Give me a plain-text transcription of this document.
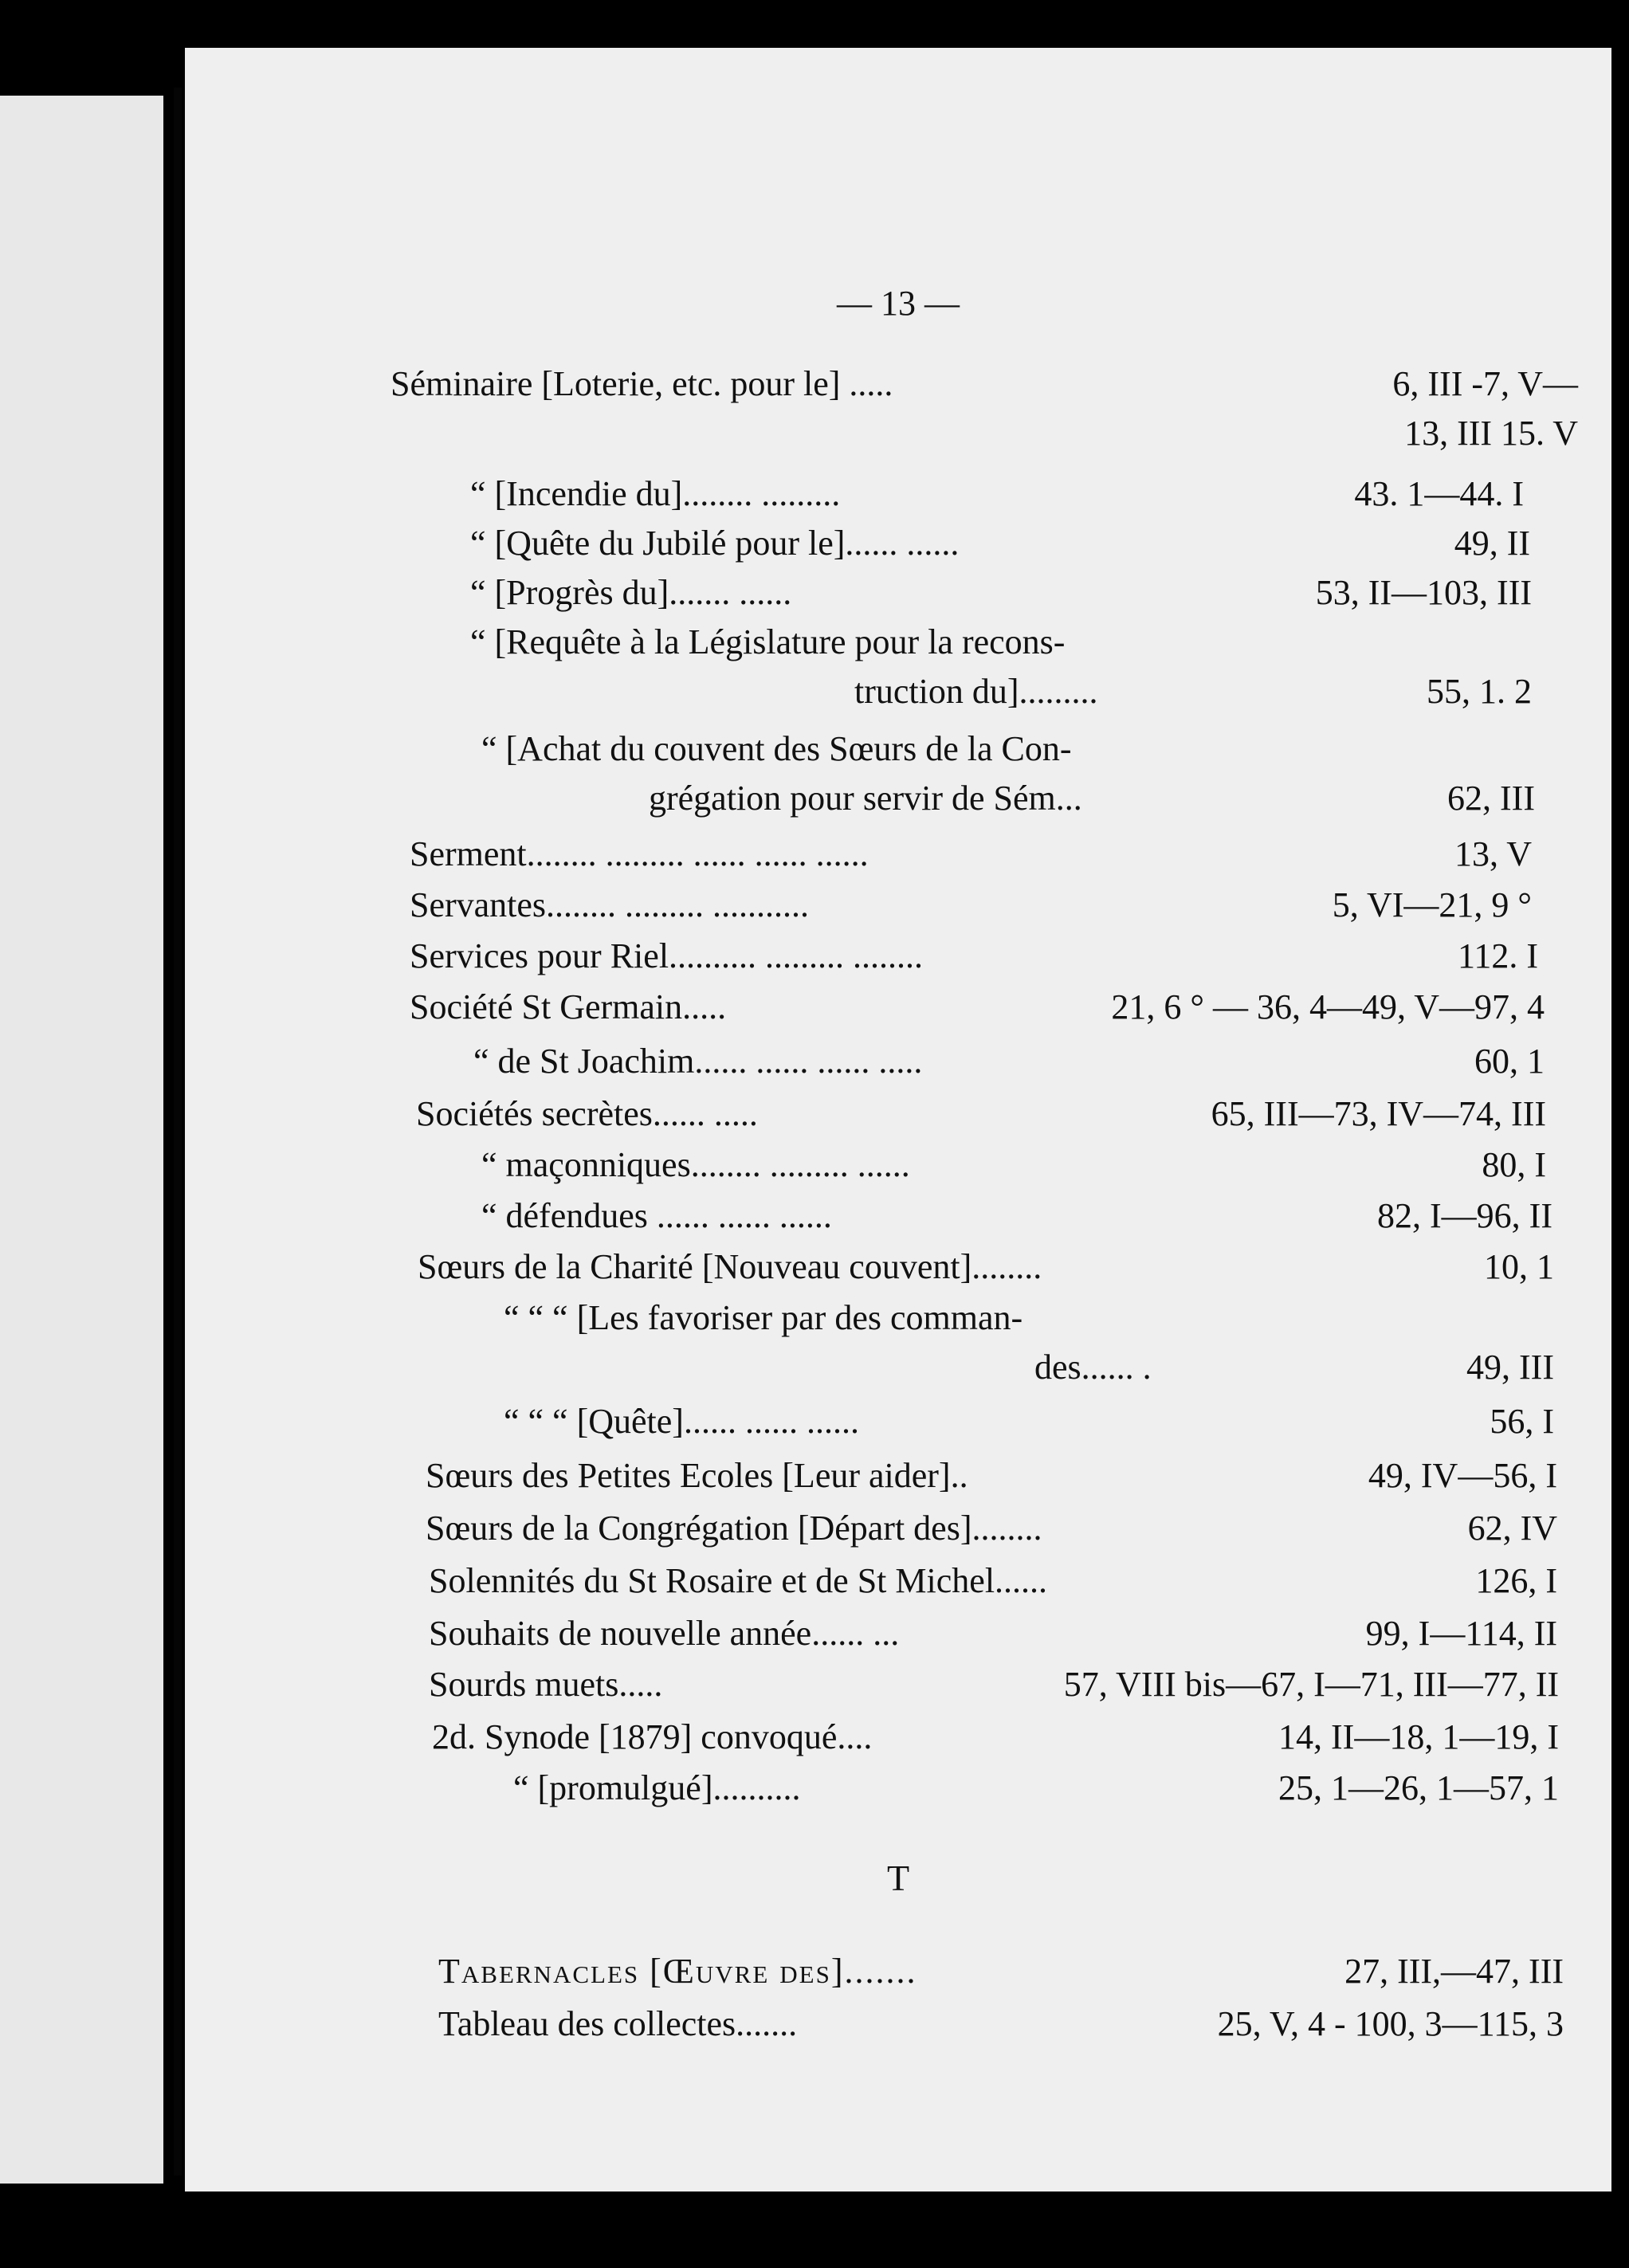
— 13 —
Séminaire [Loterie, etc. pour le] .....	6, III -7, V—
13, III 15. V
“ [Incendie du]........ .........	43. 1—44. I
“ [Quête du Jubilé pour le]...... ......	49, II
“ [Progrès du]....... ......	53, II—103, III
“ [Requête à la Législature pour la recons-
truction du].........	55, 1. 2
“ [Achat du couvent des Sœurs de la Con-
grégation pour servir de Sém...	62, III
Serment........ ......... ...... ...... ......	13, V
Servantes........ ......... ...........	5, VI—21, 9 °
Services pour Riel.......... ......... ........	112. I
Société St Germain.....	21, 6 ° — 36, 4—49, V—97, 4
“ de St Joachim...... ...... ...... .....	60, 1
Sociétés secrètes...... .....	65, III—73, IV—74, III
“ maçonniques........ ......... ......	80, I
“ défendues ...... ...... ......	82, I—96, II
Sœurs de la Charité [Nouveau couvent]........	10, 1
“ “ “ [Les favoriser par des comman-
des...... .	49, III
“ “ “ [Quête]...... ...... ......	56, I
Sœurs des Petites Ecoles [Leur aider]..	49, IV—56, I
Sœurs de la Congrégation [Départ des]........	62, IV
Solennités du St Rosaire et de St Michel......	126, I
Souhaits de nouvelle année...... ...	99, I—114, II
Sourds muets.....	57, VIII bis—67, I—71, III—77, II
2d. Synode [1879] convoqué....	14, II—18, 1—19, I
“ [promulgué]..........	25, 1—26, 1—57, 1
T
Tabernacles [Œuvre des].......	27, III,—47, III
Tableau des collectes.......	25, V, 4 - 100, 3—115, 3
